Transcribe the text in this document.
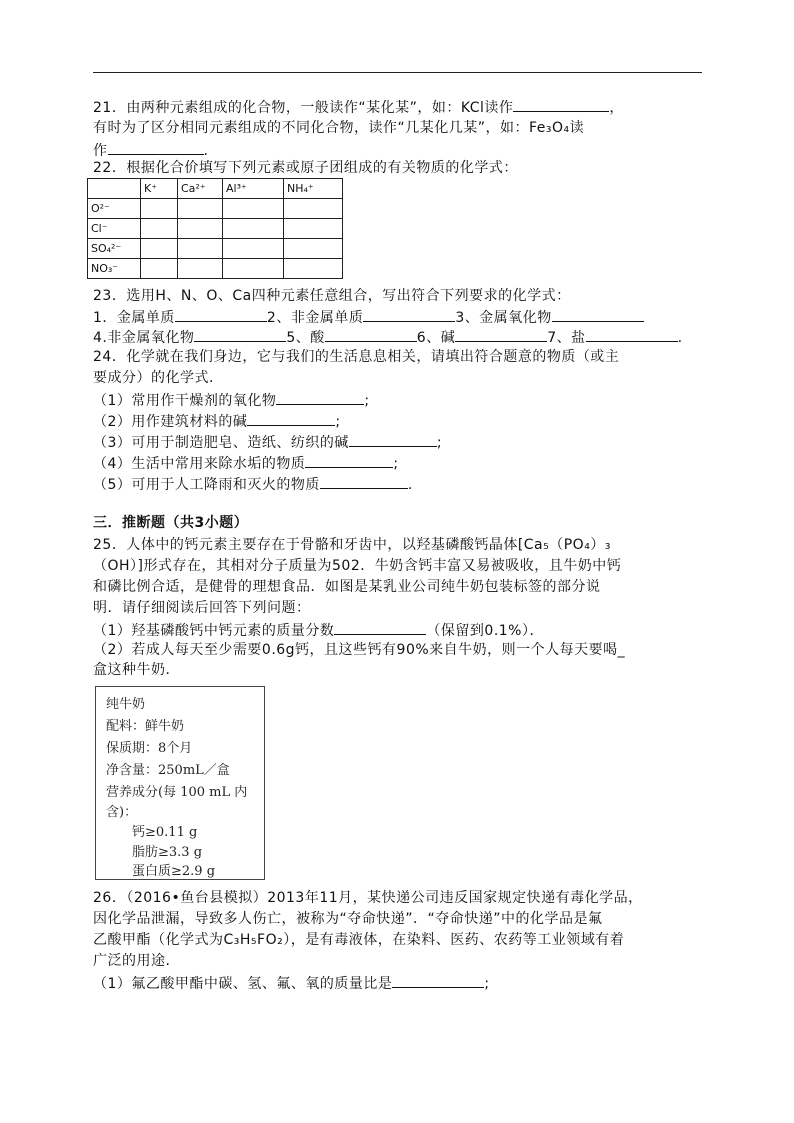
21．由两种元素组成的化合物，一般读作“某化某”，如：KCl读作	，
有时为了区分相同元素组成的不同化合物，读作“几某化几某”，如：Fe₃O₄读
作	.
22．根据化合价填写下列元素或原子团组成的有关物质的化学式：
	K⁺	Ca²⁺	Al³⁺	NH₄⁺
O²⁻				
Cl⁻				
SO₄²⁻				
NO₃⁻				
23．选用H、N、O、Ca四种元素任意组合，写出符合下列要求的化学式：
1．金属单质	2、非金属单质	3、金属氧化物
4.非金属氧化物	5、酸	6、碱	7、盐	.
24．化学就在我们身边，它与我们的生活息息相关，请填出符合题意的物质（或主
要成分）的化学式．
（1）常用作干燥剂的氧化物	;
（2）用作建筑材料的碱	;
（3）可用于制造肥皂、造纸、纺织的碱	;
（4）生活中常用来除水垢的物质	;
（5）可用于人工降雨和灭火的物质	.
三．推断题（共3小题）
25．人体中的钙元素主要存在于骨骼和牙齿中，以羟基磷酸钙晶体[Ca₅（PO₄）₃
（OH）]形式存在，其相对分子质量为502．牛奶含钙丰富又易被吸收，且牛奶中钙
和磷比例合适，是健骨的理想食品．如图是某乳业公司纯牛奶包装标签的部分说
明．请仔细阅读后回答下列问题：
（1）羟基磷酸钙中钙元素的质量分数	（保留到0.1%）．
（2）若成人每天至少需要0.6g钙，且这些钙有90%来自牛奶，则一个人每天要喝_
盒这种牛奶．
纯牛奶
配料：鲜牛奶
保质期：8个月
净含量：250mL／盒
营养成分(每 100 mL 内
含)：
钙≥0.11 g
脂肪≥3.3 g
蛋白质≥2.9 g
26．（2016•鱼台县模拟）2013年11月，某快递公司违反国家规定快递有毒化学品，
因化学品泄漏，导致多人伤亡，被称为“夺命快递”．“夺命快递”中的化学品是氟
乙酸甲酯（化学式为C₃H₅FO₂），是有毒液体，在染料、医药、农药等工业领域有着
广泛的用途．
（1）氟乙酸甲酯中碳、氢、氟、氧的质量比是	;
